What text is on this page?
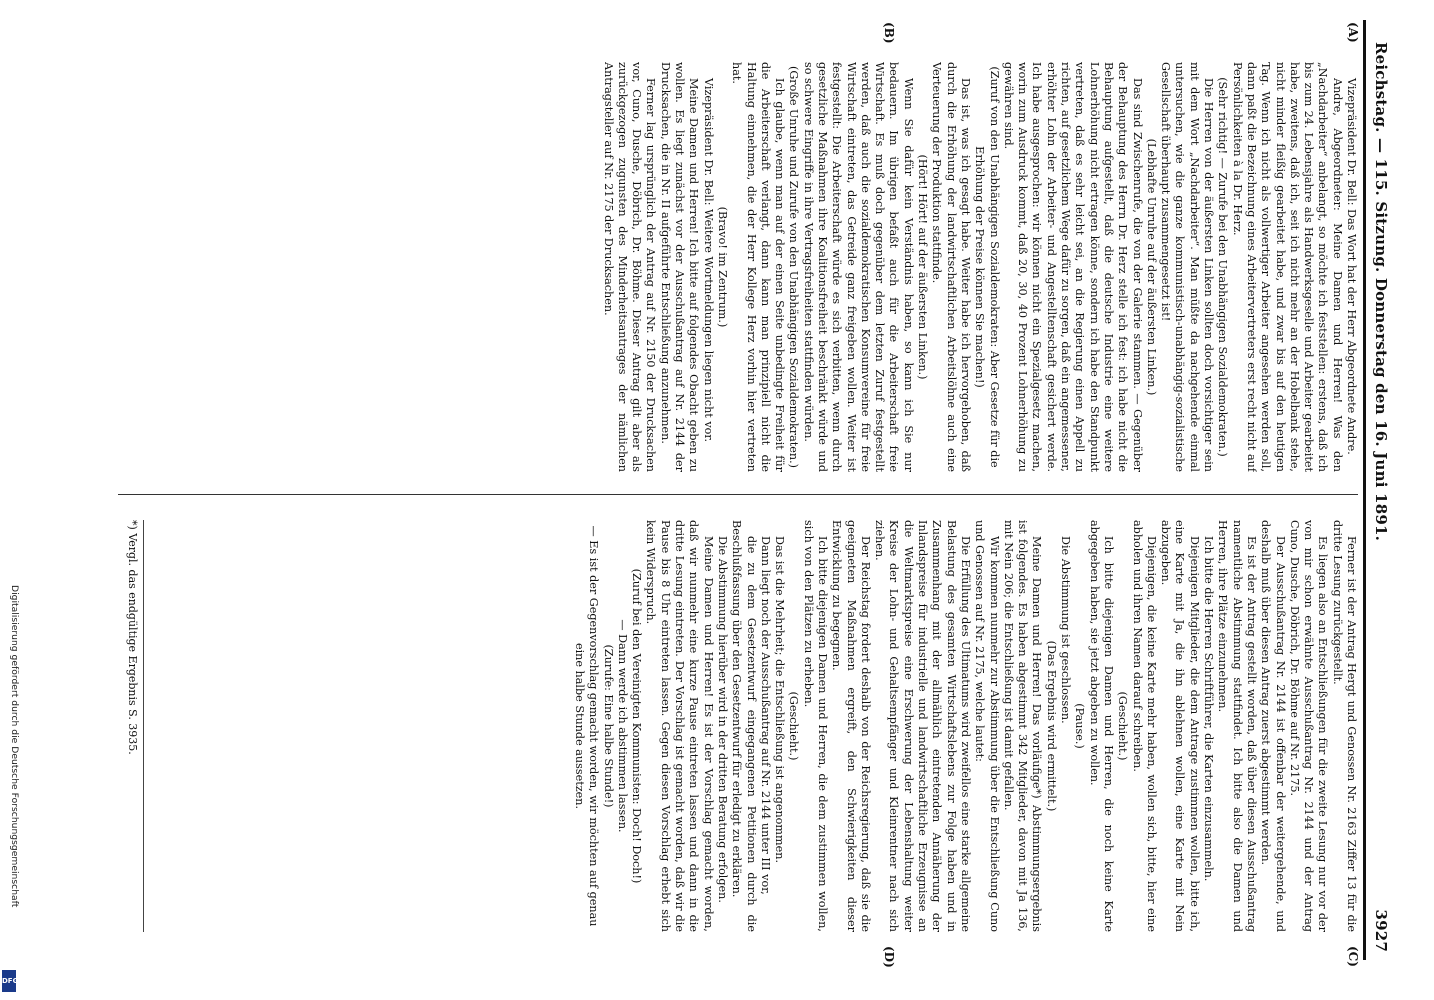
Reichstag. — 115. Sitzung. Donnerstag den 16. Juni 1891.
3927
(A)
(B)
(C)
(D)

Vizepräsident Dr. Bell: Das Wort hat der Herr Abgeordnete Andre.

Andre, Abgeordneter: Meine Damen und Herren! Was den „Nachdarbeiter“ anbelangt, so möchte ich feststellen: erstens, daß ich bis zum 24. Lebensjahre als Handwerksgeselle und Arbeiter gearbeitet habe, zweitens, daß ich, seit ich nicht mehr an der Hobelbank stehe, nicht minder fleißig gearbeitet habe, und zwar bis auf den heutigen Tag. Wenn ich nicht als vollwertiger Arbeiter angesehen werden soll, dann paßt die Bezeichnung eines Arbeitervertreters erst recht nicht auf Persönlichkeiten à la Dr. Herz.

(Sehr richtig! — Zurufe bei den Unabhängigen Sozialdemokraten.)

Die Herren von der äußersten Linken sollten doch vorsichtiger sein mit dem Wort „Nachdarbeiter“. Man müßte da nachgehende einmal untersuchen, wie die ganze kommunistisch-unabhängig-sozialistische Gesellschaft überhaupt zusammengesetzt ist!

(Lebhafte Unruhe auf der äußersten Linken.)

Das sind Zwischenrufe, die von der Galerie stammen. — Gegenüber der Behauptung des Herrn Dr. Herz stelle ich fest: ich habe nicht die Behauptung aufgestellt, daß die deutsche Industrie eine weitere Lohnerhöhung nicht ertragen könne, sondern ich habe den Standpunkt vertreten, daß es sehr leicht sei, an die Regierung einen Appell zu richten, auf gesetzlichem Wege dafür zu sorgen, daß ein angemessener, erhöhter Lohn der Arbeiter- und Angestelltenschaft gesichert werde. Ich habe ausgesprochen: wir können nicht ein Spezialgesetz machen, worin zum Ausdruck kommt, daß 20, 30, 40 Prozent Lohnerhöhung zu gewähren sind.

(Zuruf von den Unabhängigen Sozialdemokraten: Aber Gesetze für die Erhöhung der Preise können Sie machen!)

Das ist, was ich gesagt habe. Weiter habe ich hervorgehoben, daß durch die Erhöhung der landwirtschaftlichen Arbeitslöhne auch eine Verteuerung der Produktion stattfinde.

(Hört! Hört! auf der äußersten Linken.)

Wenn Sie dafür kein Verständnis haben, so kann ich Sie nur bedauern. Im übrigen befaßt auch für die Arbeiterschaft freie Wirtschaft. Es muß doch gegenüber dem letzten Zuruf festgestellt werden, daß auch die sozialdemokratischen Konsumvereine für freie Wirtschaft eintreten, das Getreide ganz freigeben wollen. Weiter ist festgestellt: Die Arbeiterschaft würde es sich verbitten, wenn durch gesetzliche Maßnahmen ihre Koalitionsfreiheit beschränkt würde und so schwere Eingriffe in ihre Vertragsfreiheiten stattfinden würden.

(Große Unruhe und Zurufe von den Unabhängigen Sozialdemokraten.)

Ich glaube, wenn man auf der einen Seite unbedingte Freiheit für die Arbeiterschaft verlangt, dann kann man prinzipiell nicht die Haltung einnehmen, die der Herr Kollege Herz vorhin hier vertreten hat.

(Bravo! im Zentrum.)

Vizepräsident Dr. Bell: Weitere Wortmeldungen liegen nicht vor.

Meine Damen und Herren! Ich bitte auf folgendes Obacht geben zu wollen. Es liegt zunächst vor der Ausschußantrag auf Nr. 2144 der Drucksachen, die in Nr. II aufgeführte Entschließung anzunehmen.

Ferner lag ursprünglich der Antrag auf Nr. 2150 der Drucksachen vor, Cuno, Dusche, Döbrich, Dr. Böhme. Dieser Antrag gilt aber als zurückgezogen zugunsten des Minderheitsantrages der nämlichen Antragsteller auf Nr. 2175 der Drucksachen.

Ferner ist der Antrag Hergt und Genossen Nr. 2163 Ziffer 13 für die dritte Lesung zurückgestellt.

Es liegen also an Entschließungen für die zweite Lesung nur vor der von mir schon erwähnte Ausschußantrag Nr. 2144 und der Antrag Cuno, Dusche, Döbrich, Dr. Böhme auf Nr. 2175.

Der Ausschußantrag Nr. 2144 ist offenbar der weitergehende, und deshalb muß über diesen Antrag zuerst abgestimmt werden.

Es ist der Antrag gestellt worden, daß über diesen Ausschußantrag namentliche Abstimmung stattfindet. Ich bitte also die Damen und Herren, ihre Plätze einzunehmen.

Ich bitte die Herren Schriftführer, die Karten einzusammeln.

Diejenigen Mitglieder, die dem Antrage zustimmen wollen, bitte ich, eine Karte mit Ja, die ihn ablehnen wollen, eine Karte mit Nein abzugeben.

Diejenigen, die keine Karte mehr haben, wollen sich, bitte, hier eine abholen und ihren Namen darauf schreiben.

(Geschieht.)

Ich bitte diejenigen Damen und Herren, die noch keine Karte abgegeben haben, sie jetzt abgeben zu wollen.

(Pause.)

Die Abstimmung ist geschlossen.

(Das Ergebnis wird ermittelt.)

Meine Damen und Herren! Das vorläufige*) Abstimmungsergebnis ist folgendes. Es haben abgestimmt 342 Mitglieder, davon mit Ja 136, mit Nein 206; die Entschließung ist damit gefallen.

Wir kommen nunmehr zur Abstimmung über die Entschließung Cuno und Genossen auf Nr. 2175, welche lautet:

Die Erfüllung des Ultimatums wird zweifellos eine starke allgemeine Belastung des gesamten Wirtschaftslebens zur Folge haben und in Zusammenhang mit der allmählich eintretenden Annäherung der Inlandspreise für industrielle und landwirtschaftliche Erzeugnisse an die Weltmarktspreise eine Erschwerung der Lebenshaltung weiter Kreise der Lohn- und Gehaltsempfänger und Kleinrentner nach sich ziehen.

Der Reichstag fordert deshalb von der Reichsregierung, daß sie die geeigneten Maßnahmen ergreift, den Schwierigkeiten dieser Entwicklung zu begegnen.

Ich bitte diejenigen Damen und Herren, die dem zustimmen wollen, sich von den Plätzen zu erheben.

(Geschieht.)

Das ist die Mehrheit; die Entschließung ist angenommen.

Dann liegt noch der Ausschußantrag auf Nr. 2144 unter III vor,

die zu dem Gesetzentwurf eingegangenen Petitionen durch die Beschlußfassung über den Gesetzentwurf für erledigt zu erklären.

Die Abstimmung hierüber wird in der dritten Beratung erfolgen.

Meine Damen und Herren! Es ist der Vorschlag gemacht worden, daß wir nunmehr eine kurze Pause eintreten lassen und dann in die dritte Lesung eintreten. Der Vorschlag ist gemacht worden, daß wir die Pause bis 8 Uhr eintreten lassen. Gegen diesen Vorschlag erhebt sich kein Widerspruch.

(Zuruf bei den Vereinigten Kommunisten: Doch! Doch!)

— Dann werde ich abstimmen lassen.

(Zurufe: Eine halbe Stunde!)

— Es ist der Gegenvorschlag gemacht worden, wir möchten auf genau eine halbe Stunde aussetzen.

*) Vergl. das endgültige Ergebnis S. 3935.
Digitalisierung gefördert durch die Deutsche Forschungsgemeinschaft
DFG
